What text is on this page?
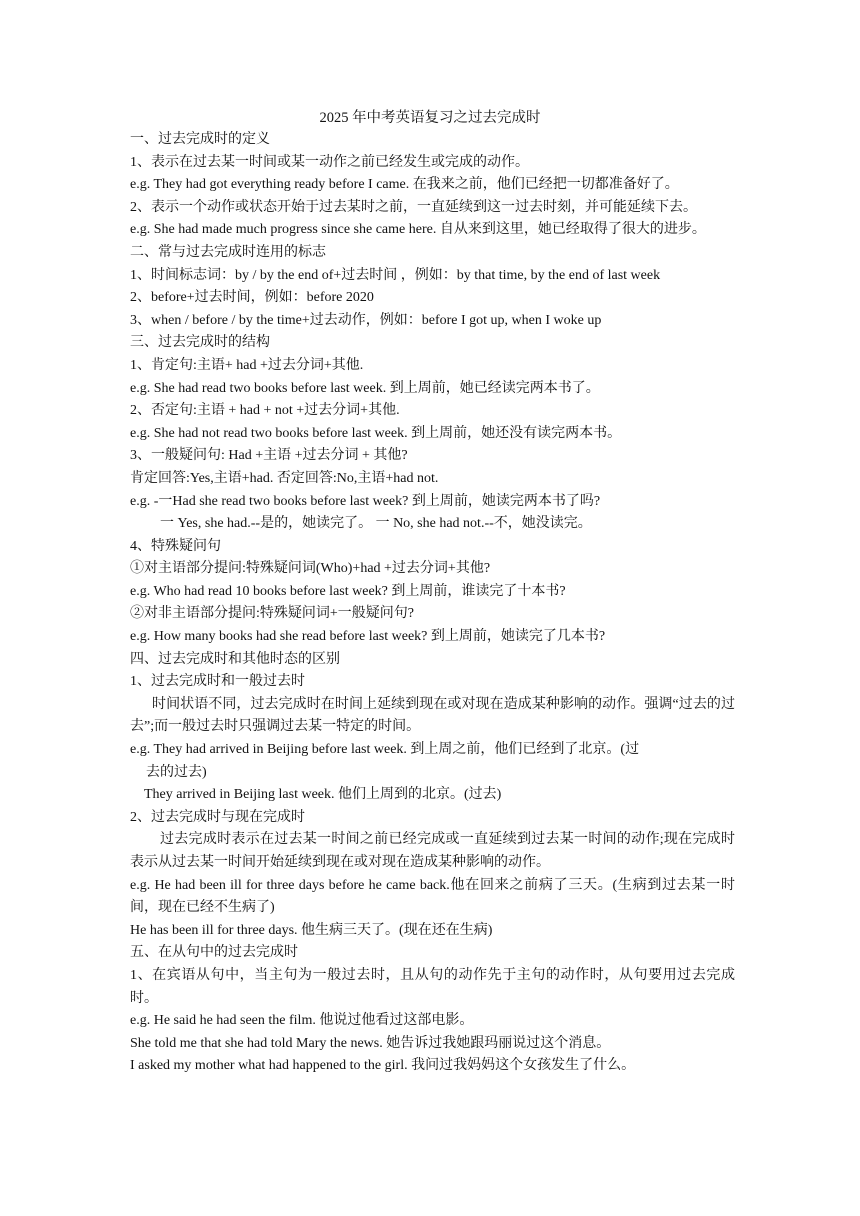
2025 年中考英语复习之过去完成时
一、过去完成时的定义
1、表示在过去某一时间或某一动作之前已经发生或完成的动作。
e.g. They had got everything ready before I came. 在我来之前，他们已经把一切都准备好了。
2、表示一个动作或状态开始于过去某时之前，一直延续到这一过去时刻，并可能延续下去。
e.g. She had made much progress since she came here. 自从来到这里，她已经取得了很大的进步。
二、常与过去完成时连用的标志
1、时间标志词：by / by the end of+过去时间 ，例如：by that time, by the end of last week
2、before+过去时间，例如：before 2020
3、when / before / by the time+过去动作，例如：before I got up, when I woke up
三、过去完成时的结构
1、肯定句:主语+ had +过去分词+其他.
e.g. She had read two books before last week. 到上周前，她已经读完两本书了。
2、否定句:主语 + had + not +过去分词+其他.
e.g. She had not read two books before last week. 到上周前，她还没有读完两本书。
3、一般疑问句: Had +主语 +过去分词 + 其他?
肯定回答:Yes,主语+had. 否定回答:No,主语+had not.
e.g. -一Had she read two books before last week? 到上周前，她读完两本书了吗?
一 Yes, she had.--是的，她读完了。 一 No, she had not.--不，她没读完。
4、特殊疑问句
①对主语部分提问:特殊疑问词(Who)+had +过去分词+其他?
e.g. Who had read 10 books before last week? 到上周前，谁读完了十本书?
②对非主语部分提问:特殊疑问词+一般疑问句?
e.g. How many books had she read before last week? 到上周前，她读完了几本书?
四、过去完成时和其他时态的区别
1、过去完成时和一般过去时
时间状语不同，过去完成时在时间上延续到现在或对现在造成某种影响的动作。强调“过去的过去”;而一般过去时只强调过去某一特定的时间。
e.g. They had arrived in Beijing before last week. 到上周之前，他们已经到了北京。(过
去的过去)
They arrived in Beijing last week. 他们上周到的北京。(过去)
2、过去完成时与现在完成时
过去完成时表示在过去某一时间之前已经完成或一直延续到过去某一时间的动作;现在完成时表示从过去某一时间开始延续到现在或对现在造成某种影响的动作。
e.g. He had been ill for three days before he came back.他在回来之前病了三天。(生病到过去某一时间，现在已经不生病了)
He has been ill for three days. 他生病三天了。(现在还在生病)
五、在从句中的过去完成时
1、在宾语从句中，当主句为一般过去时，且从句的动作先于主句的动作时，从句要用过去完成时。
e.g. He said he had seen the film. 他说过他看过这部电影。
She told me that she had told Mary the news. 她告诉过我她跟玛丽说过这个消息。
I asked my mother what had happened to the girl. 我问过我妈妈这个女孩发生了什么。
